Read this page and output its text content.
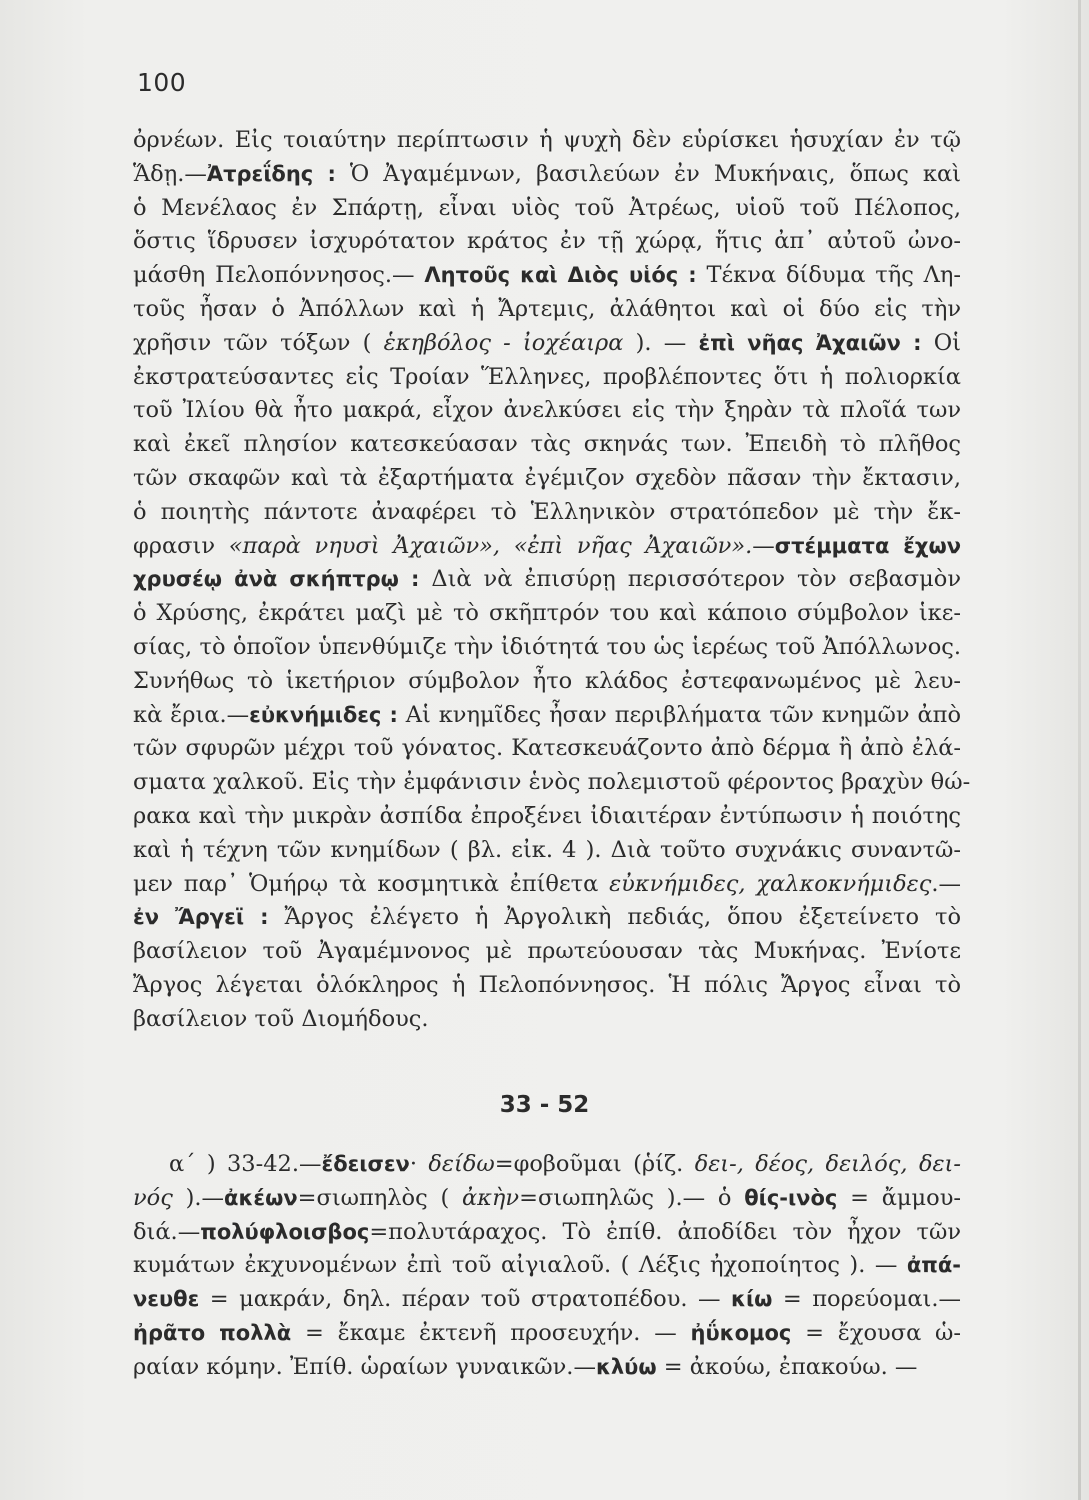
100
ὀρνέων. Εἰς τοιαύτην περίπτωσιν ἡ ψυχὴ δὲν εὑρίσκει ἡσυχίαν ἐν τῷ
Ἅδῃ.—Ἀτρεΐδης : Ὁ Ἀγαμέμνων, βασιλεύων ἐν Μυκήναις, ὅπως καὶ
ὁ Μενέλαος ἐν Σπάρτῃ, εἶναι υἱὸς τοῦ Ἀτρέως, υἱοῦ τοῦ Πέλοπος,
ὅστις ἵδρυσεν ἰσχυρότατον κράτος ἐν τῇ χώρᾳ, ἥτις ἀπ᾽ αὐτοῦ ὠνο-
μάσθη Πελοπόννησος.— Λητοῦς καὶ Διὸς υἱός : Τέκνα δίδυμα τῆς Λη-
τοῦς ἦσαν ὁ Ἀπόλλων καὶ ἡ Ἄρτεμις, ἀλάθητοι καὶ οἱ δύο εἰς τὴν
χρῆσιν τῶν τόξων ( ἑκηβόλος - ἰοχέαιρα ). — ἐπὶ νῆας Ἀχαιῶν : Οἱ
ἐκστρατεύσαντες εἰς Τροίαν Ἕλληνες, προβλέποντες ὅτι ἡ πολιορκία
τοῦ Ἰλίου θὰ ἦτο μακρά, εἶχον ἀνελκύσει εἰς τὴν ξηρὰν τὰ πλοῖά των
καὶ ἐκεῖ πλησίον κατεσκεύασαν τὰς σκηνάς των. Ἐπειδὴ τὸ πλῆθος
τῶν σκαφῶν καὶ τὰ ἐξαρτήματα ἐγέμιζον σχεδὸν πᾶσαν τὴν ἔκτασιν,
ὁ ποιητὴς πάντοτε ἀναφέρει τὸ Ἑλληνικὸν στρατόπεδον μὲ τὴν ἔκ-
φρασιν «παρὰ νηυσὶ Ἀχαιῶν», «ἐπὶ νῆας Ἀχαιῶν».—στέμματα ἔχων
χρυσέῳ ἀνὰ σκήπτρῳ : Διὰ νὰ ἐπισύρῃ περισσότερον τὸν σεβασμὸν
ὁ Χρύσης, ἐκράτει μαζὶ μὲ τὸ σκῆπτρόν του καὶ κάποιο σύμβολον ἱκε-
σίας, τὸ ὁποῖον ὑπενθύμιζε τὴν ἰδιότητά του ὡς ἱερέως τοῦ Ἀπόλλωνος.
Συνήθως τὸ ἱκετήριον σύμβολον ἦτο κλάδος ἐστεφανωμένος μὲ λευ-
κὰ ἔρια.—εὐκνήμιδες : Αἱ κνημῖδες ἦσαν περιβλήματα τῶν κνημῶν ἀπὸ
τῶν σφυρῶν μέχρι τοῦ γόνατος. Κατεσκευάζοντο ἀπὸ δέρμα ἢ ἀπὸ ἐλά-
σματα χαλκοῦ. Εἰς τὴν ἐμφάνισιν ἑνὸς πολεμιστοῦ φέροντος βραχὺν θώ-
ρακα καὶ τὴν μικρὰν ἀσπίδα ἐπροξένει ἰδιαιτέραν ἐντύπωσιν ἡ ποιότης
καὶ ἡ τέχνη τῶν κνημίδων ( βλ. εἰκ. 4 ). Διὰ τοῦτο συχνάκις συναντῶ-
μεν παρ᾽ Ὁμήρῳ τὰ κοσμητικὰ ἐπίθετα εὐκνήμιδες, χαλκοκνήμιδες.—
ἐν Ἄργεϊ : Ἄργος ἐλέγετο ἡ Ἀργολικὴ πεδιάς, ὅπου ἐξετείνετο τὸ
βασίλειον τοῦ Ἀγαμέμνονος μὲ πρωτεύουσαν τὰς Μυκήνας. Ἐνίοτε
Ἄργος λέγεται ὁλόκληρος ἡ Πελοπόννησος. Ἡ πόλις Ἄργος εἶναι τὸ
βασίλειον τοῦ Διομήδους.
33 - 52
α΄ ) 33-42.—ἔδεισεν· δείδω=φοβοῦμαι (ῥίζ. δει-, δέος, δειλός, δει-
νός ).—ἀκέων=σιωπηλὸς ( ἀκὴν=σιωπηλῶς ).— ὁ θίς-ινὸς = ἄμμου-
διά.—πολύφλοισβος=πολυτάραχος. Τὸ ἐπίθ. ἀποδίδει τὸν ἦχον τῶν
κυμάτων ἐκχυνομένων ἐπὶ τοῦ αἰγιαλοῦ. ( Λέξις ἠχοποίητος ). — ἀπά-
νευθε = μακράν, δηλ. πέραν τοῦ στρατοπέδου. — κίω = πορεύομαι.—
ἠρᾶτο πολλὰ = ἔκαμε ἐκτενῆ προσευχήν. — ἠΰκομος = ἔχουσα ὡ-
ραίαν κόμην. Ἐπίθ. ὡραίων γυναικῶν.—κλύω = ἀκούω, ἐπακούω. —
